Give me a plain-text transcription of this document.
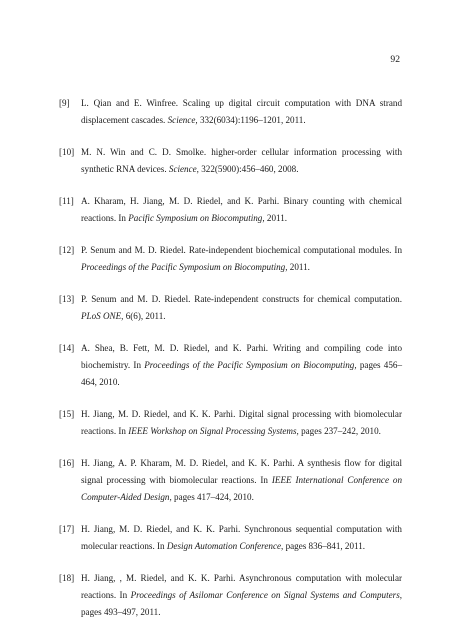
92
[9] L. Qian and E. Winfree. Scaling up digital circuit computation with DNA strand displacement cascades. Science, 332(6034):1196–1201, 2011.
[10] M. N. Win and C. D. Smolke. higher-order cellular information processing with synthetic RNA devices. Science, 322(5900):456–460, 2008.
[11] A. Kharam, H. Jiang, M. D. Riedel, and K. Parhi. Binary counting with chemical reactions. In Pacific Symposium on Biocomputing, 2011.
[12] P. Senum and M. D. Riedel. Rate-independent biochemical computational modules. In Proceedings of the Pacific Symposium on Biocomputing, 2011.
[13] P. Senum and M. D. Riedel. Rate-independent constructs for chemical computation. PLoS ONE, 6(6), 2011.
[14] A. Shea, B. Fett, M. D. Riedel, and K. Parhi. Writing and compiling code into biochemistry. In Proceedings of the Pacific Symposium on Biocomputing, pages 456–464, 2010.
[15] H. Jiang, M. D. Riedel, and K. K. Parhi. Digital signal processing with biomolecular reactions. In IEEE Workshop on Signal Processing Systems, pages 237–242, 2010.
[16] H. Jiang, A. P. Kharam, M. D. Riedel, and K. K. Parhi. A synthesis flow for digital signal processing with biomolecular reactions. In IEEE International Conference on Computer-Aided Design, pages 417–424, 2010.
[17] H. Jiang, M. D. Riedel, and K. K. Parhi. Synchronous sequential computation with molecular reactions. In Design Automation Conference, pages 836–841, 2011.
[18] H. Jiang, , M. Riedel, and K. K. Parhi. Asynchronous computation with molecular reactions. In Proceedings of Asilomar Conference on Signal Systems and Computers, pages 493–497, 2011.
